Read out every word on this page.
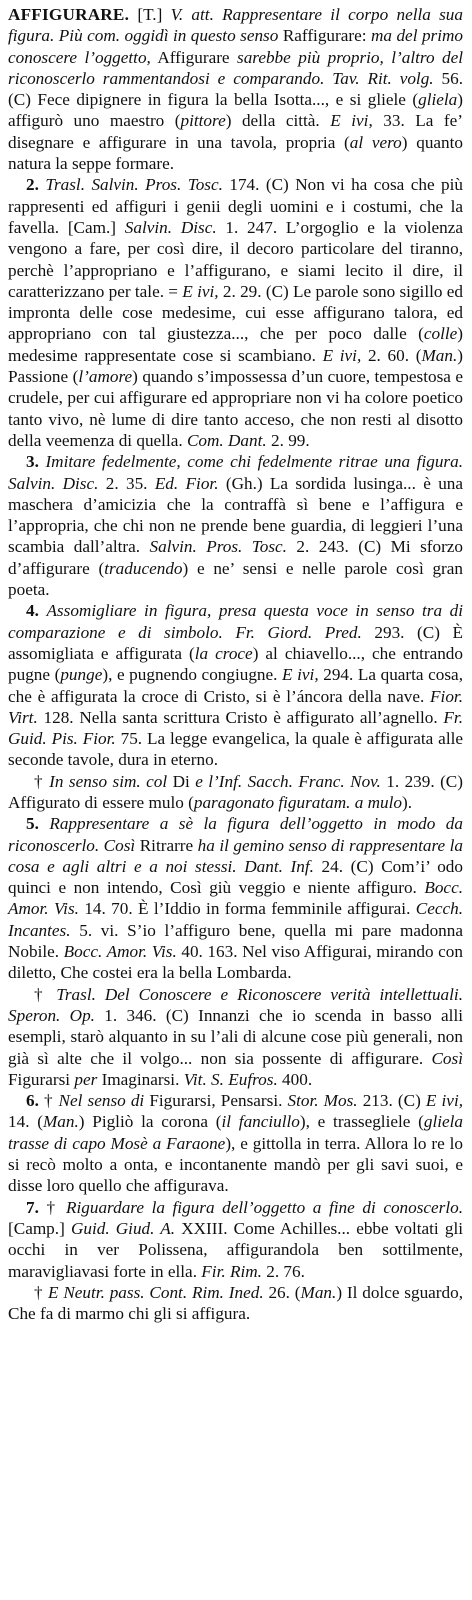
AFFIGURARE. [T.] V. att. Rappresentare il corpo nella sua figura. Più com. oggidì in questo senso Raffigurare: ma del primo conoscere l’oggetto, Affigurare sarebbe più proprio, l’altro del riconoscerlo rammentandosi e comparando. Tav. Rit. volg. 56. (C) Fece dipignere in figura la bella Isotta..., e si gliele (gliela) affigurò uno maestro (pittore) della città. E ivi, 33. La fe’ disegnare e affigurare in una tavola, propria (al vero) quanto natura la seppe formare.

2. Trasl. Salvin. Pros. Tosc. 174. (C) Non vi ha cosa che più rappresenti ed affiguri i genii degli uomini e i costumi, che la favella. [Cam.] Salvin. Disc. 1. 247. L’orgoglio e la violenza vengono a fare, per così dire, il decoro particolare del tiranno, perchè l’appropriano e l’affigurano, e siami lecito il dire, il caratterizzano per tale. = E ivi, 2. 29. (C) Le parole sono sigillo ed impronta delle cose medesime, cui esse affigurano talora, ed appropriano con tal giustezza..., che per poco dalle (colle) medesime rappresentate cose si scambiano. E ivi, 2. 60. (Man.) Passione (l’amore) quando s’impossessa d’un cuore, tempestosa e crudele, per cui affigurare ed appropriare non vi ha colore poetico tanto vivo, nè lume di dire tanto acceso, che non resti al disotto della veemenza di quella. Com. Dant. 2. 99.

3. Imitare fedelmente, come chi fedelmente ritrae una figura. Salvin. Disc. 2. 35. Ed. Fior. (Gh.) La sordida lusinga... è una maschera d’amicizia che la contraffà sì bene e l’affigura e l’appropria, che chi non ne prende bene guardia, di leggieri l’una scambia dall’altra. Salvin. Pros. Tosc. 2. 243. (C) Mi sforzo d’affigurare (traducendo) e ne’ sensi e nelle parole così gran poeta.

4. Assomigliare in figura, presa questa voce in senso tra di comparazione e di simbolo. Fr. Giord. Pred. 293. (C) È assomigliata e affigurata (la croce) al chiavello..., che entrando pugne (punge), e pugnendo congiugne. E ivi, 294. La quarta cosa, che è affigurata la croce di Cristo, si è l’áncora della nave. Fior. Virt. 128. Nella santa scrittura Cristo è affigurato all’agnello. Fr. Guid. Pis. Fior. 75. La legge evangelica, la quale è affigurata alle seconde tavole, dura in eterno.

† In senso sim. col Di e l’Inf. Sacch. Franc. Nov. 1. 239. (C) Affigurato di essere mulo (paragonato figuratam. a mulo).

5. Rappresentare a sè la figura dell’oggetto in modo da riconoscerlo. Così Ritrarre ha il gemino senso di rappresentare la cosa e agli altri e a noi stessi. Dant. Inf. 24. (C) Com’i’ odo quinci e non intendo, Così giù veggio e niente affiguro. Bocc. Amor. Vis. 14. 70. È l’Iddio in forma femminile affigurai. Cecch. Incantes. 5. vi. S’io l’affiguro bene, quella mi pare madonna Nobile. Bocc. Amor. Vis. 40. 163. Nel viso Affigurai, mirando con diletto, Che costei era la bella Lombarda.

† Trasl. Del Conoscere e Riconoscere verità intellettuali. Speron. Op. 1. 346. (C) Innanzi che io scenda in basso alli esempli, starò alquanto in su l’ali di alcune cose più generali, non già sì alte che il volgo... non sia possente di affigurare. Così Figurarsi per Imaginarsi. Vit. S. Eufros. 400.

6. † Nel senso di Figurarsi, Pensarsi. Stor. Mos. 213. (C) E ivi, 14. (Man.) Pigliò la corona (il fanciullo), e trassegliele (gliela trasse di capo Mosè a Faraone), e gittolla in terra. Allora lo re lo si recò molto a onta, e incontanente mandò per gli savi suoi, e disse loro quello che affigurava.

7. † Riguardare la figura dell’oggetto a fine di conoscerlo. [Camp.] Guid. Giud. A. XXIII. Come Achilles... ebbe voltati gli occhi in ver Polissena, affigurandola ben sottilmente, maravigliavasi forte in ella. Fir. Rim. 2. 76.

† E Neutr. pass. Cont. Rim. Ined. 26. (Man.) Il dolce sguardo, Che fa di marmo chi gli si affigura.
